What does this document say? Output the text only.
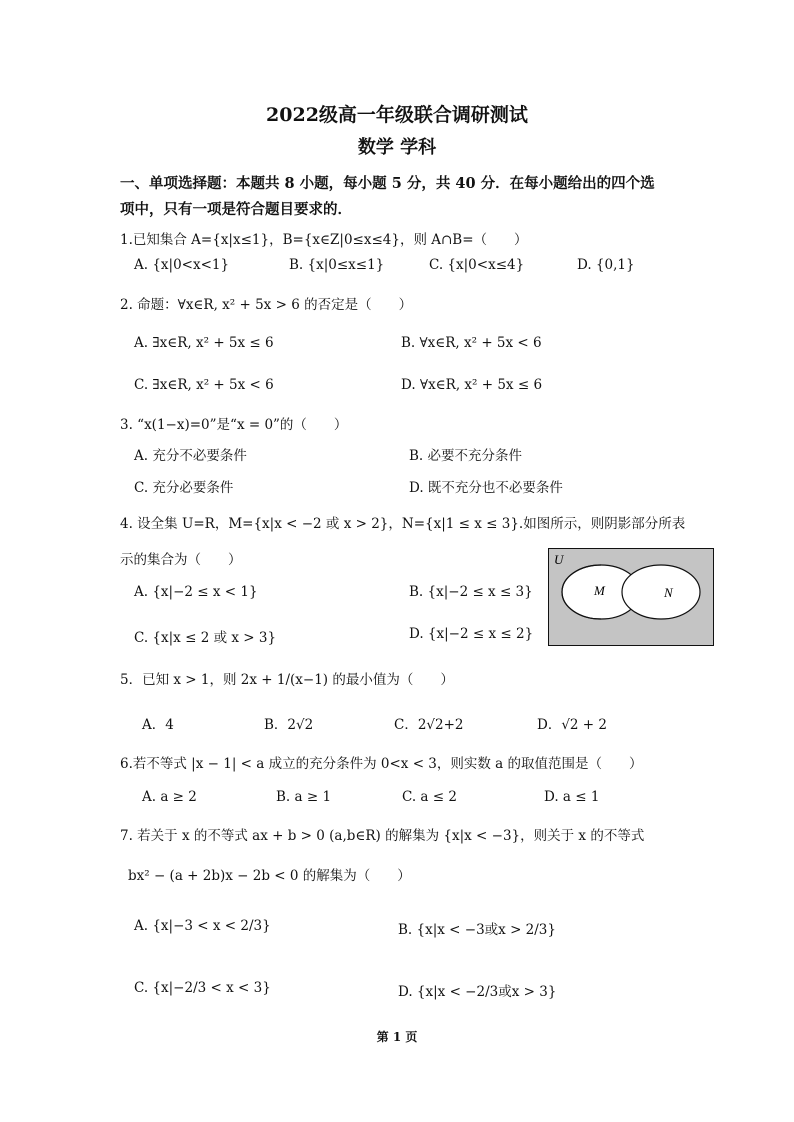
2022级高一年级联合调研测试
数学 学科
一、单项选择题：本题共 8 小题，每小题 5 分，共 40 分．在每小题给出的四个选
项中，只有一项是符合题目要求的．
1.已知集合 A={x|x≤1}，B={x∈Z|0≤x≤4}，则 A∩B=（　　）
A. {x|0<x<1}	B. {x|0≤x≤1}	C. {x|0<x≤4}	D. {0,1}
2. 命题：∀x∈R, x² + 5x > 6 的否定是（　　）
A. ∃x∈R, x² + 5x ≤ 6	B. ∀x∈R, x² + 5x < 6
C. ∃x∈R, x² + 5x < 6	D. ∀x∈R, x² + 5x ≤ 6
3. “x(1−x)=0”是“x = 0”的（　　）
A. 充分不必要条件	B. 必要不充分条件
C. 充分必要条件	D. 既不充分也不必要条件
4. 设全集 U=R，M={x|x < −2 或 x > 2}，N={x|1 ≤ x ≤ 3}.如图所示，则阴影部分所表
示的集合为（　　）
A. {x|−2 ≤ x < 1}	B. {x|−2 ≤ x ≤ 3}
C. {x|x ≤ 2 或 x > 3}	D. {x|−2 ≤ x ≤ 2}
U
M	N
5．已知 x > 1，则 2x + 1/(x−1) 的最小值为（　　）
A．4	B．2√2	C．2√2+2	D．√2 + 2
6.若不等式 |x − 1| < a 成立的充分条件为 0<x < 3，则实数 a 的取值范围是（　　）
A. a ≥ 2	B. a ≥ 1	C. a ≤ 2	D. a ≤ 1
7. 若关于 x 的不等式 ax + b > 0 (a,b∈R) 的解集为 {x|x < −3}，则关于 x 的不等式
bx² − (a + 2b)x − 2b < 0 的解集为（　　）
A. {x|−3 < x < 2/3}	B. {x|x < −3或x > 2/3}
C. {x|−2/3 < x < 3}	D. {x|x < −2/3或x > 3}
第 1 页
